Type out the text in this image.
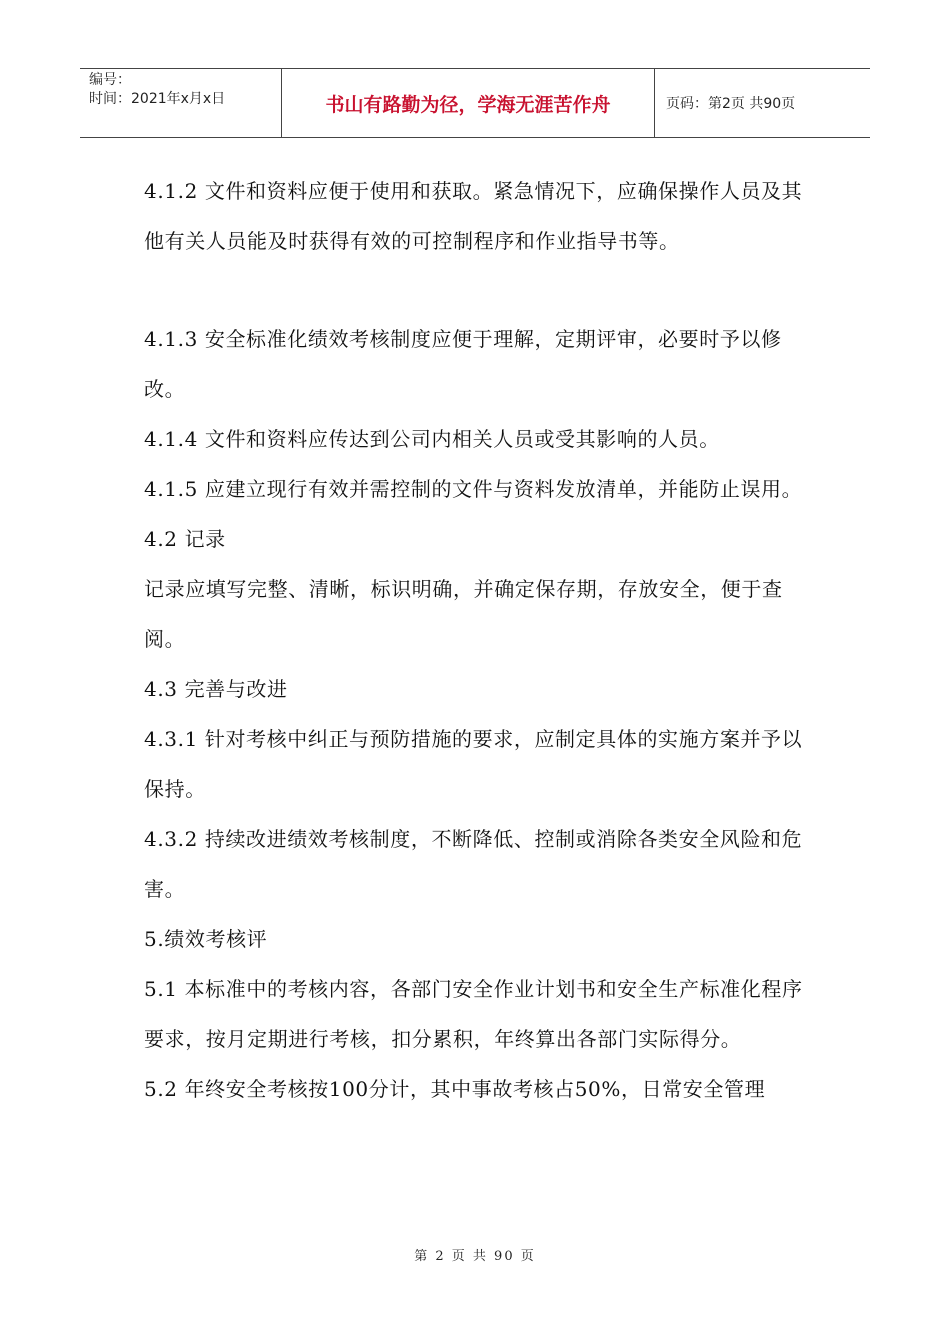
编号：
时间：2021年x月x日	书山有路勤为径，学海无涯苦作舟	页码：第2页 共90页

4.1.2 文件和资料应便于使用和获取。紧急情况下，应确保操作人员及其他有关人员能及时获得有效的可控制程序和作业指导书等。

4.1.3 安全标准化绩效考核制度应便于理解，定期评审，必要时予以修改。

4.1.4 文件和资料应传达到公司内相关人员或受其影响的人员。

4.1.5 应建立现行有效并需控制的文件与资料发放清单，并能防止误用。

4.2 记录

记录应填写完整、清晰，标识明确，并确定保存期，存放安全，便于查阅。

4.3 完善与改进

4.3.1 针对考核中纠正与预防措施的要求，应制定具体的实施方案并予以保持。

4.3.2 持续改进绩效考核制度，不断降低、控制或消除各类安全风险和危害。

5.绩效考核评

5.1 本标准中的考核内容，各部门安全作业计划书和安全生产标准化程序要求，按月定期进行考核，扣分累积，年终算出各部门实际得分。

5.2 年终安全考核按100分计，其中事故考核占50%，日常安全管理

第 2 页 共 90 页
